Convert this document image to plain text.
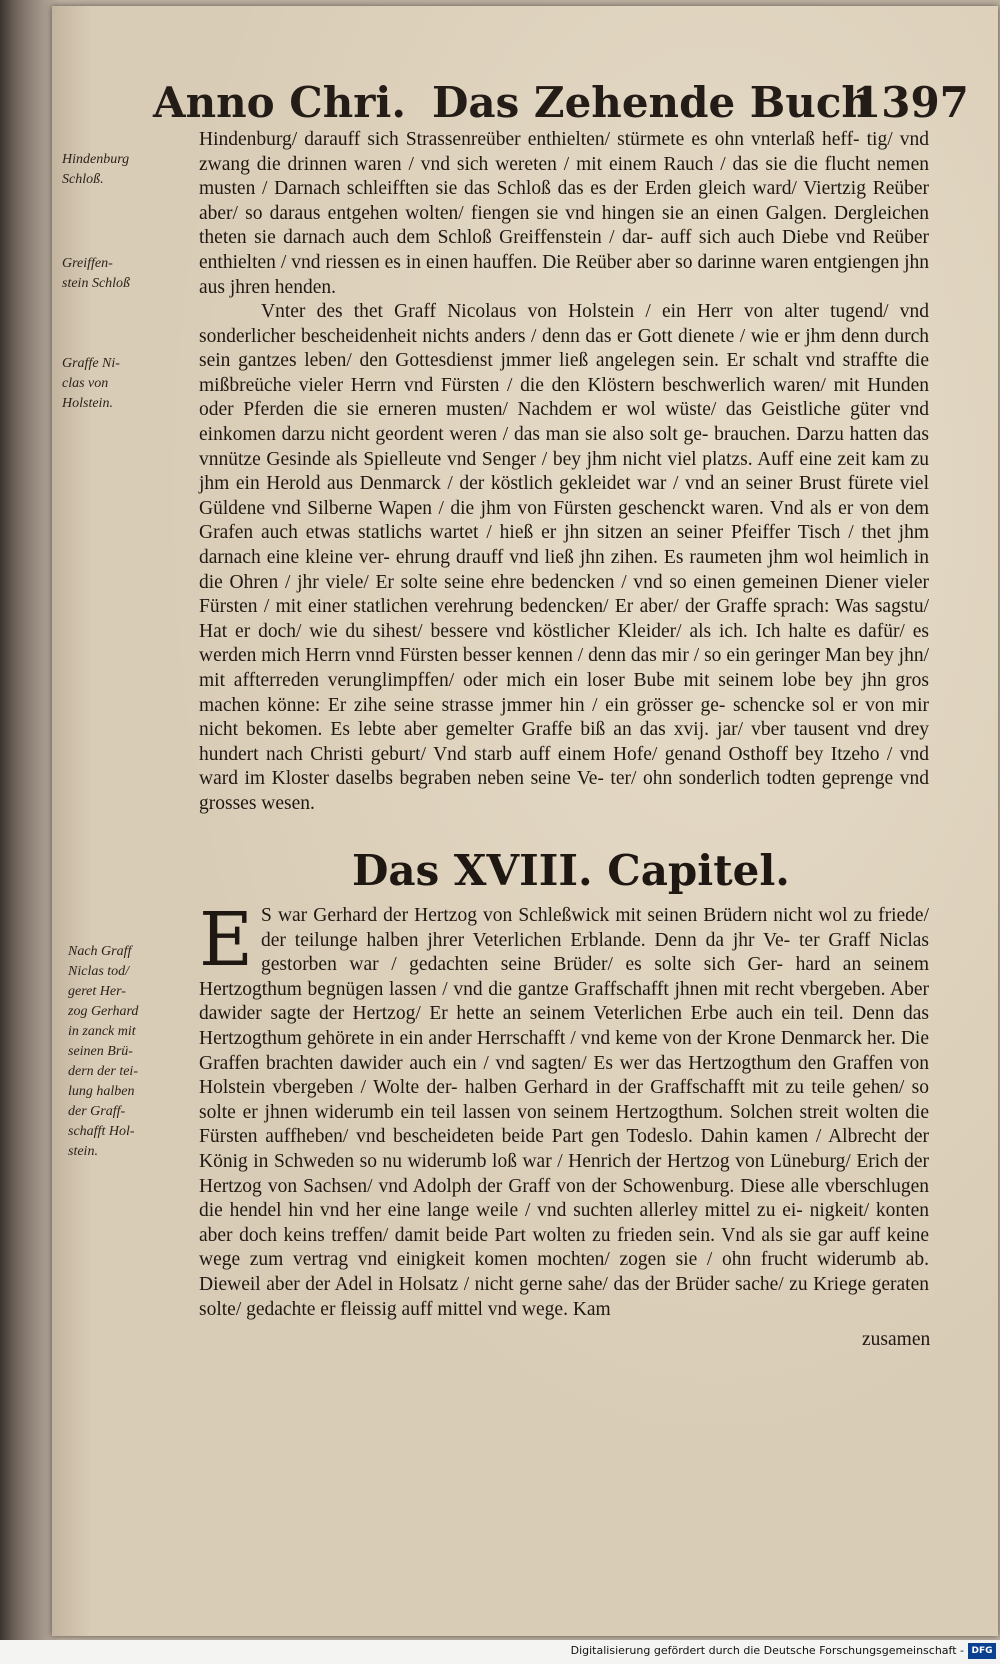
Anno Chri. Das Zehende Buch
1397
Hindenburg
Schloß.
Greiffen-
stein Schloß
Graffe Ni-
clas von
Holstein.
Nach Graff
Niclas tod/
geret Her-
zog Gerhard
in zanck mit
seinen Brü-
dern der tei-
lung halben
der Graff-
schafft Hol-
stein.

Hindenburg/ darauff sich Strassenreüber enthielten/ stürmete es ohn vnterlaß heff- tig/ vnd zwang die drinnen waren / vnd sich wereten / mit einem Rauch / das sie die flucht nemen musten / Darnach schleifften sie das Schloß das es der Erden gleich ward/ Viertzig Reüber aber/ so daraus entgehen wolten/ fiengen sie vnd hingen sie an einen Galgen. Dergleichen theten sie darnach auch dem Schloß Greiffenstein / dar- auff sich auch Diebe vnd Reüber enthielten / vnd riessen es in einen hauffen. Die Reüber aber so darinne waren entgiengen jhn aus jhren henden.

Vnter des thet Graff Nicolaus von Holstein / ein Herr von alter tugend/ vnd sonderlicher bescheidenheit nichts anders / denn das er Gott dienete / wie er jhm denn durch sein gantzes leben/ den Gottesdienst jmmer ließ angelegen sein. Er schalt vnd straffte die mißbreüche vieler Herrn vnd Fürsten / die den Klöstern beschwerlich waren/ mit Hunden oder Pferden die sie erneren musten/ Nachdem er wol wüste/ das Geistliche güter vnd einkomen darzu nicht geordent weren / das man sie also solt ge- brauchen. Darzu hatten das vnnütze Gesinde als Spielleute vnd Senger / bey jhm nicht viel platzs. Auff eine zeit kam zu jhm ein Herold aus Denmarck / der köstlich gekleidet war / vnd an seiner Brust fürete viel Güldene vnd Silberne Wapen / die jhm von Fürsten geschenckt waren. Vnd als er von dem Grafen auch etwas statlichs wartet / hieß er jhn sitzen an seiner Pfeiffer Tisch / thet jhm darnach eine kleine ver- ehrung drauff vnd ließ jhn zihen. Es raumeten jhm wol heimlich in die Ohren / jhr viele/ Er solte seine ehre bedencken / vnd so einen gemeinen Diener vieler Fürsten / mit einer statlichen verehrung bedencken/ Er aber/ der Graffe sprach: Was sagstu/ Hat er doch/ wie du sihest/ bessere vnd köstlicher Kleider/ als ich. Ich halte es dafür/ es werden mich Herrn vnnd Fürsten besser kennen / denn das mir / so ein geringer Man bey jhn/ mit affterreden verunglimpffen/ oder mich ein loser Bube mit seinem lobe bey jhn gros machen könne: Er zihe seine strasse jmmer hin / ein grösser ge- schencke sol er von mir nicht bekomen. Es lebte aber gemelter Graffe biß an das xvij. jar/ vber tausent vnd drey hundert nach Christi geburt/ Vnd starb auff einem Hofe/ genand Osthoff bey Itzeho / vnd ward im Kloster daselbs begraben neben seine Ve- ter/ ohn sonderlich todten geprenge vnd grosses wesen.

Das XVIII. Capitel.
E S war Gerhard der Hertzog von Schleßwick mit seinen Brüdern nicht wol zu friede/ der teilunge halben jhrer Veterlichen Erblande. Denn da jhr Ve- ter Graff Niclas gestorben war / gedachten seine Brüder/ es solte sich Ger- hard an seinem Hertzogthum begnügen lassen / vnd die gantze Graffschafft jhnen mit recht vbergeben. Aber dawider sagte der Hertzog/ Er hette an seinem Veterlichen Erbe auch ein teil. Denn das Hertzogthum gehörete in ein ander Herrschafft / vnd keme von der Krone Denmarck her. Die Graffen brachten dawider auch ein / vnd sagten/ Es wer das Hertzogthum den Graffen von Holstein vbergeben / Wolte der- halben Gerhard in der Graffschafft mit zu teile gehen/ so solte er jhnen widerumb ein teil lassen von seinem Hertzogthum. Solchen streit wolten die Fürsten auffheben/ vnd bescheideten beide Part gen Todeslo. Dahin kamen / Albrecht der König in Schweden so nu widerumb loß war / Henrich der Hertzog von Lüneburg/ Erich der Hertzog von Sachsen/ vnd Adolph der Graff von der Schowenburg. Diese alle vberschlugen die hendel hin vnd her eine lange weile / vnd suchten allerley mittel zu ei- nigkeit/ konten aber doch keins treffen/ damit beide Part wolten zu frieden sein. Vnd als sie gar auff keine wege zum vertrag vnd einigkeit komen mochten/ zogen sie / ohn frucht widerumb ab. Dieweil aber der Adel in Holsatz / nicht gerne sahe/ das der Brüder sache/ zu Kriege geraten solte/ gedachte er fleissig auff mittel vnd wege. Kam
zusamen
Digitalisierung gefördert durch die Deutsche Forschungsgemeinschaft - DFG
